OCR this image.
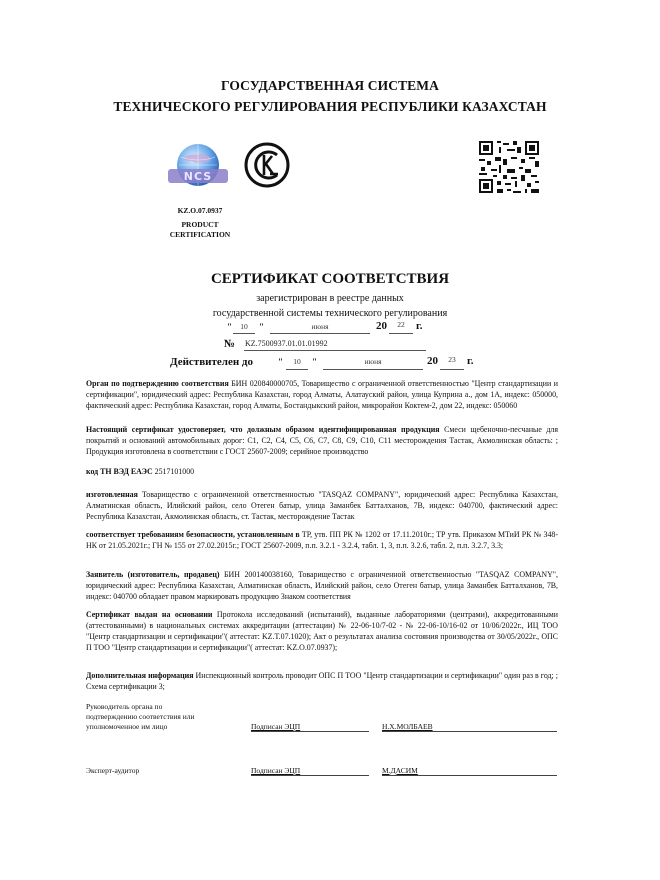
ГОСУДАРСТВЕННАЯ СИСТЕМА
ТЕХНИЧЕСКОГО РЕГУЛИРОВАНИЯ РЕСПУБЛИКИ КАЗАХСТАН
NCS
KZ.O.07.0937
PRODUCT
CERTIFICATION
СЕРТИФИКАТ СООТВЕТСТВИЯ
зарегистрирован в реестре данных
государственной системы технического регулирования
"	10	"	июня	20	22	г.
№ KZ.7500937.01.01.01992
Действителен до	"	10	"	июня	20	23	г.
Орган по подтверждению соответствия БИН 020840000705, Товарищество с ограниченной ответственностью "Центр стандартизации и сертификации", юридический адрес: Республика Казахстан, город Алматы, Алатауский район, улица Куприна а., дом 1А, индекс: 050000, фактический адрес: Республика Казахстан, город Алматы, Бостандыкский район, микрорайон Коктем-2, дом 22, индекс: 050060
Настоящий сертификат удостоверяет, что должным образом идентифицированная продукция Смеси щебеночно-песчаные для покрытий и оснований автомобильных дорог: С1, С2, С4, С5, С6, С7, С8, С9, С10, С11 месторождения Тастак, Акмолинская область: ; Продукция изготовлена в соответствии с ГОСТ 25607-2009; серийное производство
код ТН ВЭД ЕАЭС 2517101000
изготовленная Товарищество с ограниченной ответственностью "TASQAZ COMPANY", юридический адрес: Республика Казахстан, Алматинская область, Илийский район, село Отеген батыр, улица Заманбек Батталханов, 7В, индекс: 040700, фактический адрес: Республика Казахстан, Акмолинская область, ст. Тастак, месторождение Тастак
соответствует требованиям безопасности, установленным в ТР, утв. ПП РК № 1202 от 17.11.2010г.; ТР утв. Приказом МТиИ РК № 348-НК от 21.05.2021г.; ГН № 155 от 27.02.2015г.; ГОСТ 25607-2009, п.п. 3.2.1 - 3.2.4, табл. 1, 3, п.п. 3.2.6, табл. 2, п.п. 3.2.7, 3.3;
Заявитель (изготовитель, продавец) БИН 200140038160, Товарищество с ограниченной ответственностью "TASQAZ COMPANY", юридический адрес: Республика Казахстан, Алматинская область, Илийский район, село Отеген батыр, улица Заманбек Батталханов, 7В, индекс: 040700 обладает правом маркировать продукцию Знаком соответствия
Сертификат выдан на основании Протокола исследований (испытаний), выданные лабораториями (центрами), аккредитованными (аттестованными) в национальных системах аккредитации (аттестации) № 22-06-10/7-02 - № 22-06-10/16-02 от 10/06/2022г., ИЦ ТОО "Центр стандартизации и сертификации"( аттестат: KZ.T.07.1020); Акт о результатах анализа состояния производства от 30/05/2022г., ОПС П ТОО "Центр стандартизации и сертификации"( аттестат: KZ.O.07.0937);
Дополнительная информация Инспекционный контроль проводит ОПС П ТОО "Центр стандартизации и сертификации" один раз в год; ; Схема сертификации 3;
Руководитель органа по
подтверждению соответствия или
уполномоченное им лицо	Подписан ЭЦП	Н.Х.МОЛБАЕВ
Эксперт-аудитор	Подписан ЭЦП	М.ДАСИМ
